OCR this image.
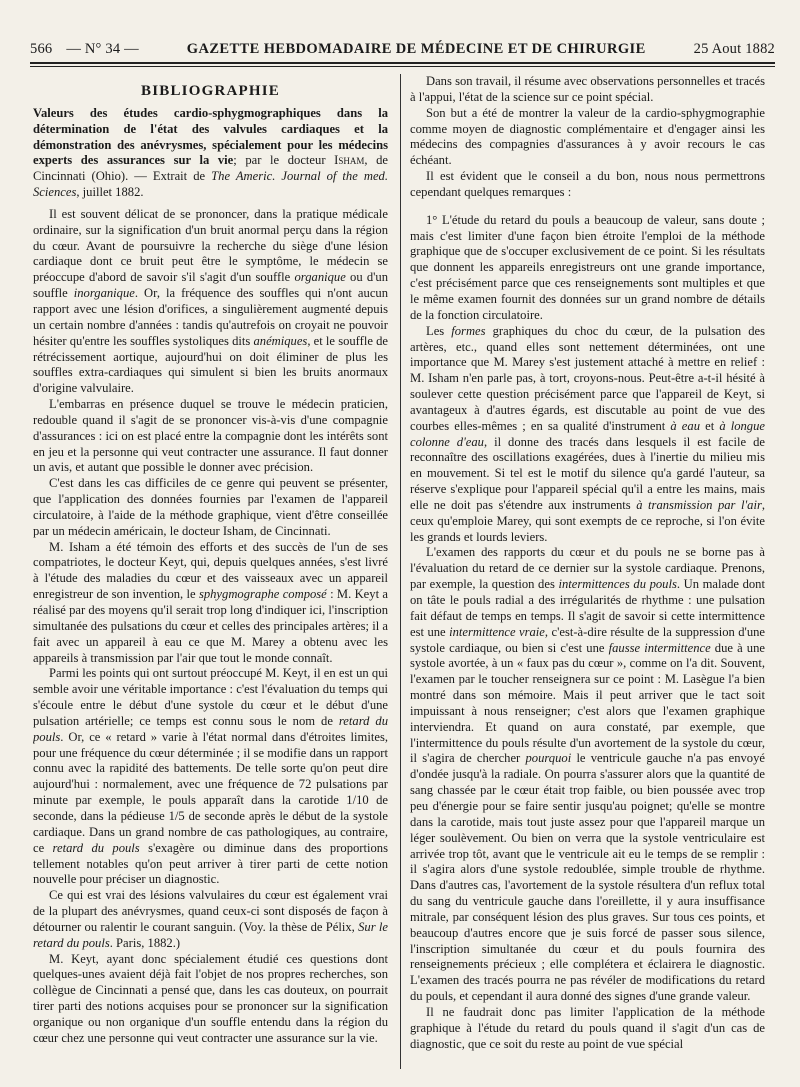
566 — N° 34 —	GAZETTE HEBDOMADAIRE DE MÉDECINE ET DE CHIRURGIE	25 Aout 1882
BIBLIOGRAPHIE

Valeurs des études cardio-sphygmographiques dans la détermination de l'état des valvules cardiaques et la démonstration des anévrysmes, spécialement pour les médecins experts des assurances sur la vie; par le docteur Isham, de Cincinnati (Ohio). — Extrait de The Americ. Journal of the med. Sciences, juillet 1882.

Il est souvent délicat de se prononcer, dans la pratique médicale ordinaire, sur la signification d'un bruit anormal perçu dans la région du cœur. Avant de poursuivre la recherche du siège d'une lésion cardiaque dont ce bruit peut être le symptôme, le médecin se préoccupe d'abord de savoir s'il s'agit d'un souffle organique ou d'un souffle inorganique. Or, la fréquence des souffles qui n'ont aucun rapport avec une lésion d'orifices, a singulièrement augmenté depuis un certain nombre d'années : tandis qu'autrefois on croyait ne pouvoir hésiter qu'entre les souffles systoliques dits anémiques, et le souffle de rétrécissement aortique, aujourd'hui on doit éliminer de plus les souffles extra-cardiaques qui simulent si bien les bruits anormaux d'origine valvulaire.

L'embarras en présence duquel se trouve le médecin praticien, redouble quand il s'agit de se prononcer vis-à-vis d'une compagnie d'assurances : ici on est placé entre la compagnie dont les intérêts sont en jeu et la personne qui veut contracter une assurance. Il faut donner un avis, et autant que possible le donner avec précision.

C'est dans les cas difficiles de ce genre qui peuvent se présenter, que l'application des données fournies par l'examen de l'appareil circulatoire, à l'aide de la méthode graphique, vient d'être conseillée par un médecin américain, le docteur Isham, de Cincinnati.

M. Isham a été témoin des efforts et des succès de l'un de ses compatriotes, le docteur Keyt, qui, depuis quelques années, s'est livré à l'étude des maladies du cœur et des vaisseaux avec un appareil enregistreur de son invention, le sphygmographe composé : M. Keyt a réalisé par des moyens qu'il serait trop long d'indiquer ici, l'inscription simultanée des pulsations du cœur et celles des principales artères; il a fait avec un appareil à eau ce que M. Marey a obtenu avec les appareils à transmission par l'air que tout le monde connaît.

Parmi les points qui ont surtout préoccupé M. Keyt, il en est un qui semble avoir une véritable importance : c'est l'évaluation du temps qui s'écoule entre le début d'une systole du cœur et le début d'une pulsation artérielle; ce temps est connu sous le nom de retard du pouls. Or, ce « retard » varie à l'état normal dans d'étroites limites, pour une fréquence du cœur déterminée ; il se modifie dans un rapport connu avec la rapidité des battements. De telle sorte qu'on peut dire aujourd'hui : normalement, avec une fréquence de 72 pulsations par minute par exemple, le pouls apparaît dans la carotide 1/10 de seconde, dans la pédieuse 1/5 de seconde après le début de la systole cardiaque. Dans un grand nombre de cas pathologiques, au contraire, ce retard du pouls s'exagère ou diminue dans des proportions tellement notables qu'on peut arriver à tirer parti de cette notion nouvelle pour préciser un diagnostic.

Ce qui est vrai des lésions valvulaires du cœur est également vrai de la plupart des anévrysmes, quand ceux-ci sont disposés de façon à détourner ou ralentir le courant sanguin. (Voy. la thèse de Pélix, Sur le retard du pouls. Paris, 1882.)

M. Keyt, ayant donc spécialement étudié ces questions dont quelques-unes avaient déjà fait l'objet de nos propres recherches, son collègue de Cincinnati a pensé que, dans les cas douteux, on pourrait tirer parti des notions acquises pour se prononcer sur la signification organique ou non organique d'un souffle entendu dans la région du cœur chez une personne qui veut contracter une assurance sur la vie.

Dans son travail, il résume avec observations personnelles et tracés à l'appui, l'état de la science sur ce point spécial.

Son but a été de montrer la valeur de la cardio-sphygmographie comme moyen de diagnostic complémentaire et d'engager ainsi les médecins des compagnies d'assurances à y avoir recours le cas échéant.

Il est évident que le conseil a du bon, nous nous permettrons cependant quelques remarques :

1° L'étude du retard du pouls a beaucoup de valeur, sans doute ; mais c'est limiter d'une façon bien étroite l'emploi de la méthode graphique que de s'occuper exclusivement de ce point. Si les résultats que donnent les appareils enregistreurs ont une grande importance, c'est précisément parce que ces renseignements sont multiples et que le même examen fournit des données sur un grand nombre de détails de la fonction circulatoire.

Les formes graphiques du choc du cœur, de la pulsation des artères, etc., quand elles sont nettement déterminées, ont une importance que M. Marey s'est justement attaché à mettre en relief : M. Isham n'en parle pas, à tort, croyons-nous. Peut-être a-t-il hésité à soulever cette question précisément parce que l'appareil de Keyt, si avantageux à d'autres égards, est discutable au point de vue des courbes elles-mêmes ; en sa qualité d'instrument à eau et à longue colonne d'eau, il donne des tracés dans lesquels il est facile de reconnaître des oscillations exagérées, dues à l'inertie du milieu mis en mouvement. Si tel est le motif du silence qu'a gardé l'auteur, sa réserve s'explique pour l'appareil spécial qu'il a entre les mains, mais elle ne doit pas s'étendre aux instruments à transmission par l'air, ceux qu'emploie Marey, qui sont exempts de ce reproche, si l'on évite les grands et lourds leviers.

L'examen des rapports du cœur et du pouls ne se borne pas à l'évaluation du retard de ce dernier sur la systole cardiaque. Prenons, par exemple, la question des intermittences du pouls. Un malade dont on tâte le pouls radial a des irrégularités de rhythme : une pulsation fait défaut de temps en temps. Il s'agit de savoir si cette intermittence est une intermittence vraie, c'est-à-dire résulte de la suppression d'une systole cardiaque, ou bien si c'est une fausse intermittence due à une systole avortée, à un « faux pas du cœur », comme on l'a dit. Souvent, l'examen par le toucher renseignera sur ce point : M. Lasègue l'a bien montré dans son mémoire. Mais il peut arriver que le tact soit impuissant à nous renseigner; c'est alors que l'examen graphique interviendra. Et quand on aura constaté, par exemple, que l'intermittence du pouls résulte d'un avortement de la systole du cœur, il s'agira de chercher pourquoi le ventricule gauche n'a pas envoyé d'ondée jusqu'à la radiale. On pourra s'assurer alors que la quantité de sang chassée par le cœur était trop faible, ou bien poussée avec trop peu d'énergie pour se faire sentir jusqu'au poignet; qu'elle se montre dans la carotide, mais tout juste assez pour que l'appareil marque un léger soulèvement. Ou bien on verra que la systole ventriculaire est arrivée trop tôt, avant que le ventricule ait eu le temps de se remplir : il s'agira alors d'une systole redoublée, simple trouble de rhythme. Dans d'autres cas, l'avortement de la systole résultera d'un reflux total du sang du ventricule gauche dans l'oreillette, il y aura insuffisance mitrale, par conséquent lésion des plus graves. Sur tous ces points, et beaucoup d'autres encore que je suis forcé de passer sous silence, l'inscription simultanée du cœur et du pouls fournira des renseignements précieux ; elle complétera et éclairera le diagnostic. L'examen des tracés pourra ne pas révéler de modifications du retard du pouls, et cependant il aura donné des signes d'une grande valeur.

Il ne faudrait donc pas limiter l'application de la méthode graphique à l'étude du retard du pouls quand il s'agit d'un cas de diagnostic, que ce soit du reste au point de vue spécial
